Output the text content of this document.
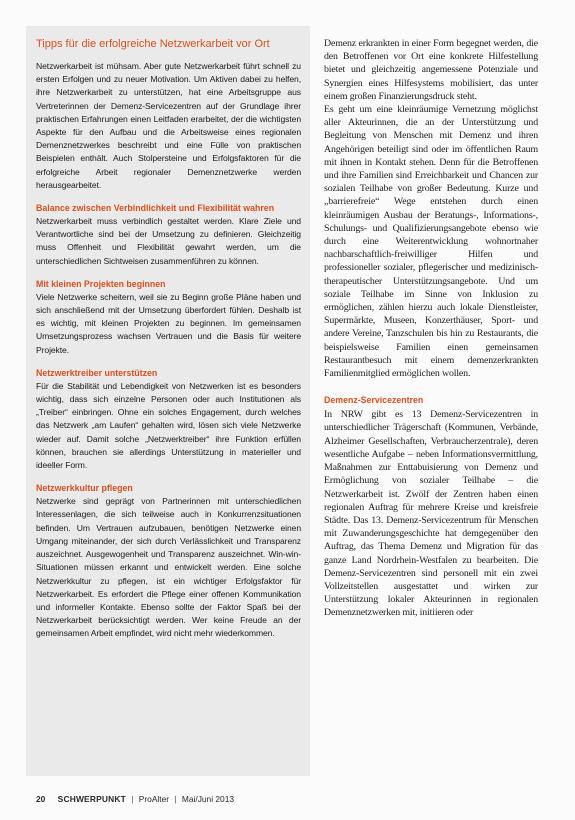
Tipps für die erfolgreiche Netzwerkarbeit vor Ort

Netzwerkarbeit ist mühsam. Aber gute Netzwerkarbeit führt schnell zu ersten Erfolgen und zu neuer Motivation. Um Aktiven dabei zu helfen, ihre Netzwerkarbeit zu unterstützen, hat eine Arbeitsgruppe aus Vertreterinnen der Demenz-Servicezentren auf der Grundlage ihrer praktischen Erfahrungen einen Leitfaden erarbeitet, der die wichtigsten Aspekte für den Aufbau und die Arbeitsweise eines regionalen Demenznetzwerkes beschreibt und eine Fülle von praktischen Beispielen enthält. Auch Stolpersteine und Erfolgsfaktoren für die erfolgreiche Arbeit regionaler Demenznetzwerke werden herausgearbeitet.

Balance zwischen Verbindlichkeit und Flexibilität wahren

Netzwerkarbeit muss verbindlich gestaltet werden. Klare Ziele und Verantwortliche sind bei der Umsetzung zu definieren. Gleichzeitig muss Offenheit und Flexibilität gewahrt werden, um die unterschiedlichen Sichtweisen zusammenführen zu können.

Mit kleinen Projekten beginnen

Viele Netzwerke scheitern, weil sie zu Beginn große Pläne haben und sich anschließend mit der Umsetzung überfordert fühlen. Deshalb ist es wichtig, mit kleinen Projekten zu beginnen. Im gemeinsamen Umsetzungsprozess wachsen Vertrauen und die Basis für weitere Projekte.

Netzwerktreiber unterstützen

Für die Stabilität und Lebendigkeit von Netzwerken ist es besonders wichtig, dass sich einzelne Personen oder auch Institutionen als „Treiber“ einbringen. Ohne ein solches Engagement, durch welches das Netzwerk „am Laufen“ gehalten wird, lösen sich viele Netzwerke wieder auf. Damit solche „Netzwerktreiber“ ihre Funktion erfüllen können, brauchen sie allerdings Unterstützung in materieller und ideeller Form.

Netzwerkkultur pflegen

Netzwerke sind geprägt von Partnerinnen mit unterschiedlichen Interessenlagen, die sich teilweise auch in Konkurrenzsituationen befinden. Um Vertrauen aufzubauen, benötigen Netzwerke einen Umgang miteinander, der sich durch Verlässlichkeit und Transparenz auszeichnet. Ausgewogenheit und Transparenz auszeichnet. Win-win-Situationen müssen erkannt und entwickelt werden. Eine solche Netzwerkkultur zu pflegen, ist ein wichtiger Erfolgsfaktor für Netzwerkarbeit. Es erfordert die Pflege einer offenen Kommunikation und informeller Kontakte. Ebenso sollte der Faktor Spaß bei der Netzwerkarbeit berücksichtigt werden. Wer keine Freude an der gemeinsamen Arbeit empfindet, wird nicht mehr wiederkommen.

Demenz erkrankten in einer Form begegnet werden, die den Betroffenen vor Ort eine konkrete Hilfestellung bietet und gleichzeitig angemessene Potenziale und Synergien eines Hilfesystems mobilisiert, das unter einem großen Finanzierungsdruck steht.

Es geht um eine kleinräumige Vernetzung möglichst aller Akteurinnen, die an der Unterstützung und Begleitung von Menschen mit Demenz und ihren Angehörigen beteiligt sind oder im öffentlichen Raum mit ihnen in Kontakt stehen. Denn für die Betroffenen und ihre Familien sind Erreichbarkeit und Chancen zur sozialen Teilhabe von großer Bedeutung. Kurze und „barrierefreie“ Wege entstehen durch einen kleinräumigen Ausbau der Beratungs-, Informations-, Schulungs- und Qualifizierungsangebote ebenso wie durch eine Weiterentwicklung wohnortnaher nachbarschaftlich-freiwilliger Hilfen und professioneller sozialer, pflegerischer und medizinisch-therapeutischer Unterstützungsangebote. Und um soziale Teilhabe im Sinne von Inklusion zu ermöglichen, zählen hierzu auch lokale Dienstleister, Supermärkte, Museen, Konzerthäuser, Sport- und andere Vereine, Tanzschulen bis hin zu Restaurants, die beispielsweise Familien einen gemeinsamen Restaurantbesuch mit einem demenzerkrankten Familienmitglied ermöglichen wollen.

Demenz-Servicezentren

In NRW gibt es 13 Demenz-Servicezentren in unterschiedlicher Trägerschaft (Kommunen, Verbände, Alzheimer Gesellschaften, Verbraucherzentrale), deren wesentliche Aufgabe – neben Informationsvermittlung, Maßnahmen zur Enttabuisierung von Demenz und Ermöglichung von sozialer Teilhabe – die Netzwerkarbeit ist. Zwölf der Zentren haben einen regionalen Auftrag für mehrere Kreise und kreisfreie Städte. Das 13. Demenz-Servicezentrum für Menschen mit Zuwanderungsgeschichte hat demgegenüber den Auftrag, das Thema Demenz und Migration für das ganze Land Nordrhein-Westfalen zu bearbeiten. Die Demenz-Servicezentren sind personell mit ein zwei Vollzeitstellen ausgestattet und wirken zur Unterstützung lokaler Akteurinnen in regionalen Demenznetzwerken mit, initiieren oder

20 SCHWERPUNKT | ProAlter | Mai/Juni 2013
